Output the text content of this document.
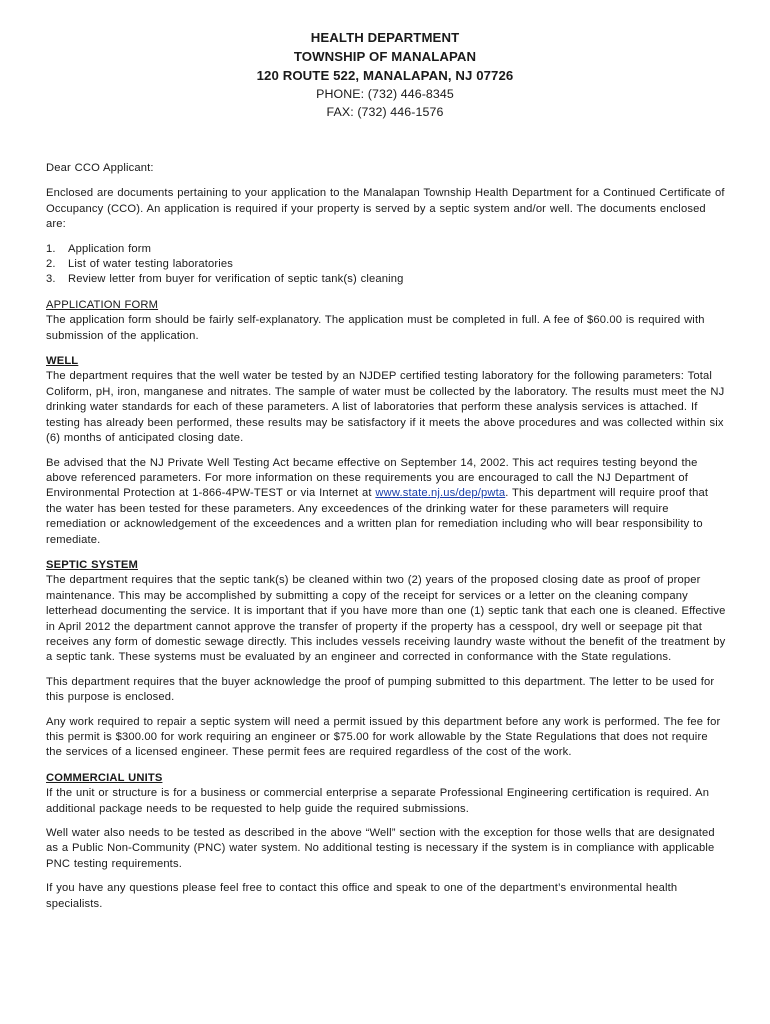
HEALTH DEPARTMENT
TOWNSHIP OF MANALAPAN
120 ROUTE 522, MANALAPAN, NJ 07726
PHONE: (732) 446-8345
FAX: (732) 446-1576

Dear CCO Applicant:

Enclosed are documents pertaining to your application to the Manalapan Township Health Department for a Continued Certificate of Occupancy (CCO). An application is required if your property is served by a septic system and/or well. The documents enclosed are:

1.	Application form
2.	List of water testing laboratories
3.	Review letter from buyer for verification of septic tank(s) cleaning

APPLICATION FORM

The application form should be fairly self-explanatory. The application must be completed in full. A fee of $60.00 is required with submission of the application.

WELL

The department requires that the well water be tested by an NJDEP certified testing laboratory for the following parameters: Total Coliform, pH, iron, manganese and nitrates. The sample of water must be collected by the laboratory. The results must meet the NJ drinking water standards for each of these parameters. A list of laboratories that perform these analysis services is attached. If testing has already been performed, these results may be satisfactory if it meets the above procedures and was collected within six (6) months of anticipated closing date.

Be advised that the NJ Private Well Testing Act became effective on September 14, 2002. This act requires testing beyond the above referenced parameters. For more information on these requirements you are encouraged to call the NJ Department of Environmental Protection at 1-866-4PW-TEST or via Internet at www.state.nj.us/dep/pwta. This department will require proof that the water has been tested for these parameters. Any exceedences of the drinking water for these parameters will require remediation or acknowledgement of the exceedences and a written plan for remediation including who will bear responsibility to remediate.

SEPTIC SYSTEM

The department requires that the septic tank(s) be cleaned within two (2) years of the proposed closing date as proof of proper maintenance. This may be accomplished by submitting a copy of the receipt for services or a letter on the cleaning company letterhead documenting the service. It is important that if you have more than one (1) septic tank that each one is cleaned. Effective in April 2012 the department cannot approve the transfer of property if the property has a cesspool, dry well or seepage pit that receives any form of domestic sewage directly. This includes vessels receiving laundry waste without the benefit of the treatment by a septic tank. These systems must be evaluated by an engineer and corrected in conformance with the State regulations.

This department requires that the buyer acknowledge the proof of pumping submitted to this department. The letter to be used for this purpose is enclosed.

Any work required to repair a septic system will need a permit issued by this department before any work is performed. The fee for this permit is $300.00 for work requiring an engineer or $75.00 for work allowable by the State Regulations that does not require the services of a licensed engineer. These permit fees are required regardless of the cost of the work.

COMMERCIAL UNITS

If the unit or structure is for a business or commercial enterprise a separate Professional Engineering certification is required. An additional package needs to be requested to help guide the required submissions.

Well water also needs to be tested as described in the above “Well” section with the exception for those wells that are designated as a Public Non-Community (PNC) water system. No additional testing is necessary if the system is in compliance with applicable PNC testing requirements.

If you have any questions please feel free to contact this office and speak to one of the department’s environmental health specialists.
